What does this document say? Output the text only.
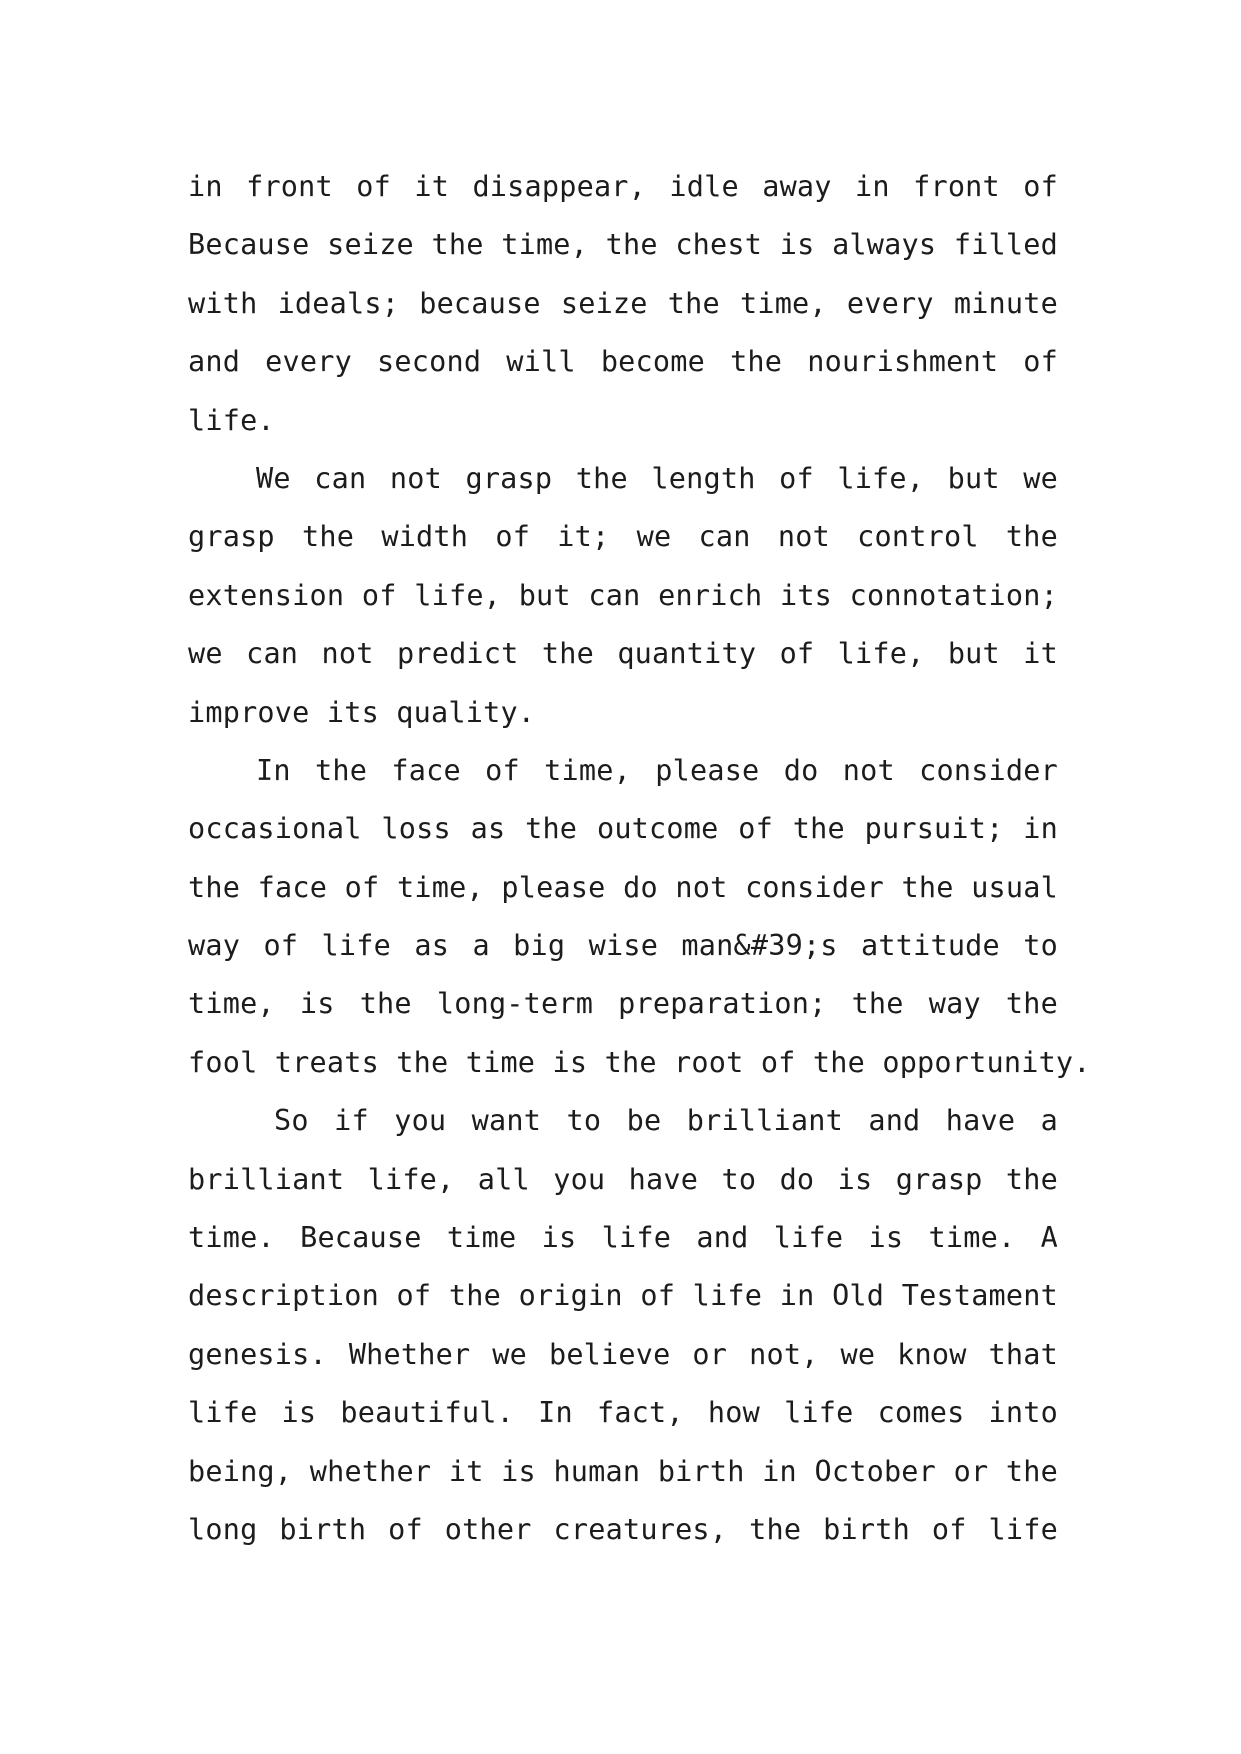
in front of it disappear, idle away in front of
Because seize the time, the chest is always filled
with ideals; because seize the time, every minute
and every second will become the nourishment of
life.
We can not grasp the length of life, but we
grasp the width of it; we can not control the
extension of life, but can enrich its connotation;
we can not predict the quantity of life, but it
improve its quality.
In the face of time, please do not consider
occasional loss as the outcome of the pursuit; in
the face of time, please do not consider the usual
way of life as a big wise man&#39;s attitude to
time, is the long-term preparation; the way the
fool treats the time is the root of the opportunity.
So if you want to be brilliant and have a
brilliant life, all you have to do is grasp the
time. Because time is life and life is time. A
description of the origin of life in Old Testament
genesis. Whether we believe or not, we know that
life is beautiful. In fact, how life comes into
being, whether it is human birth in October or the
long birth of other creatures, the birth of life
